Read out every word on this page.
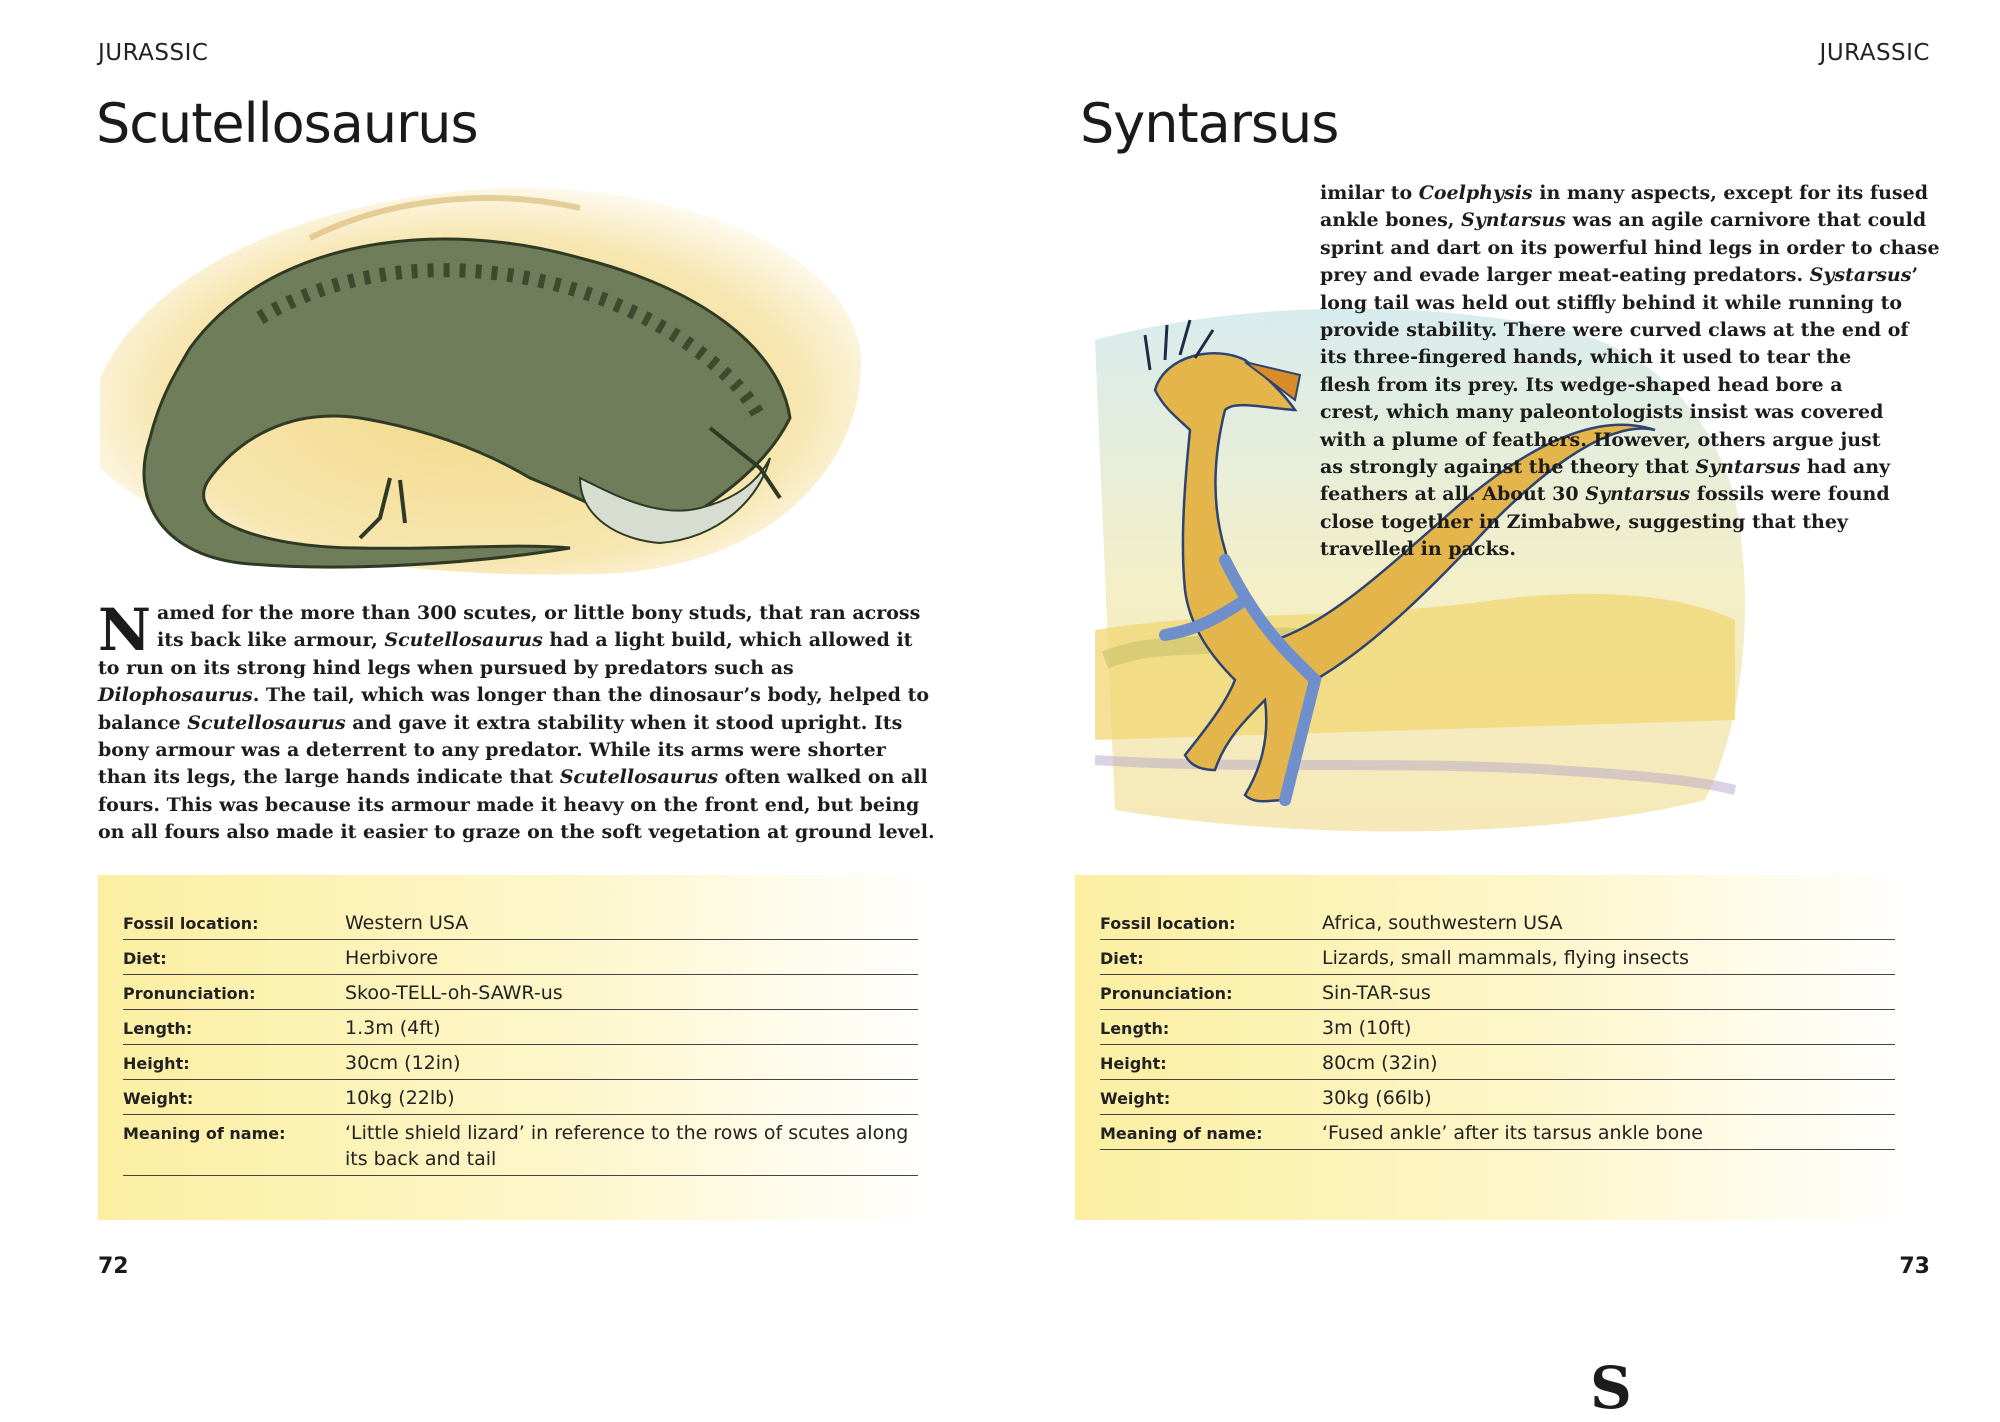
JURASSIC
Scutellosaurus

Named for the more than 300 scutes, or little bony studs, that ran across its back like armour, Scutellosaurus had a light build, which allowed it to run on its strong hind legs when pursued by predators such as Dilophosaurus. The tail, which was longer than the dinosaur’s body, helped to balance Scutellosaurus and gave it extra stability when it stood upright. Its bony armour was a deterrent to any predator. While its arms were shorter than its legs, the large hands indicate that Scutellosaurus often walked on all fours. This was because its armour made it heavy on the front end, but being on all fours also made it easier to graze on the soft vegetation at ground level.

Fossil location:	Western USA
Diet:	Herbivore
Pronunciation:	Skoo-TELL-oh-SAWR-us
Length:	1.3m (4ft)
Height:	30cm (12in)
Weight:	10kg (22lb)
Meaning of name:	‘Little shield lizard’ in reference to the rows of scutes along its back and tail
72
JURASSIC
Syntarsus

S
imilar to Coelphysis in many aspects, except for its fused ankle bones, Syntarsus was an agile carnivore that could sprint and dart on its powerful hind legs in order to chase prey and evade larger meat-eating predators. Systarsus’ long tail was held out stiffly behind it while running to provide stability. There were curved claws at the end of its three-fingered hands, which it used to tear the flesh from its prey. Its wedge-shaped head bore a crest, which many paleontologists insist was covered with a plume of feathers. However, others argue just as strongly against the theory that Syntarsus had any feathers at all. About 30 Syntarsus fossils were found close together in Zimbabwe, suggesting that they travelled in packs.

Fossil location:	Africa, southwestern USA
Diet:	Lizards, small mammals, flying insects
Pronunciation:	Sin-TAR-sus
Length:	3m (10ft)
Height:	80cm (32in)
Weight:	30kg (66lb)
Meaning of name:	‘Fused ankle’ after its tarsus ankle bone
73
